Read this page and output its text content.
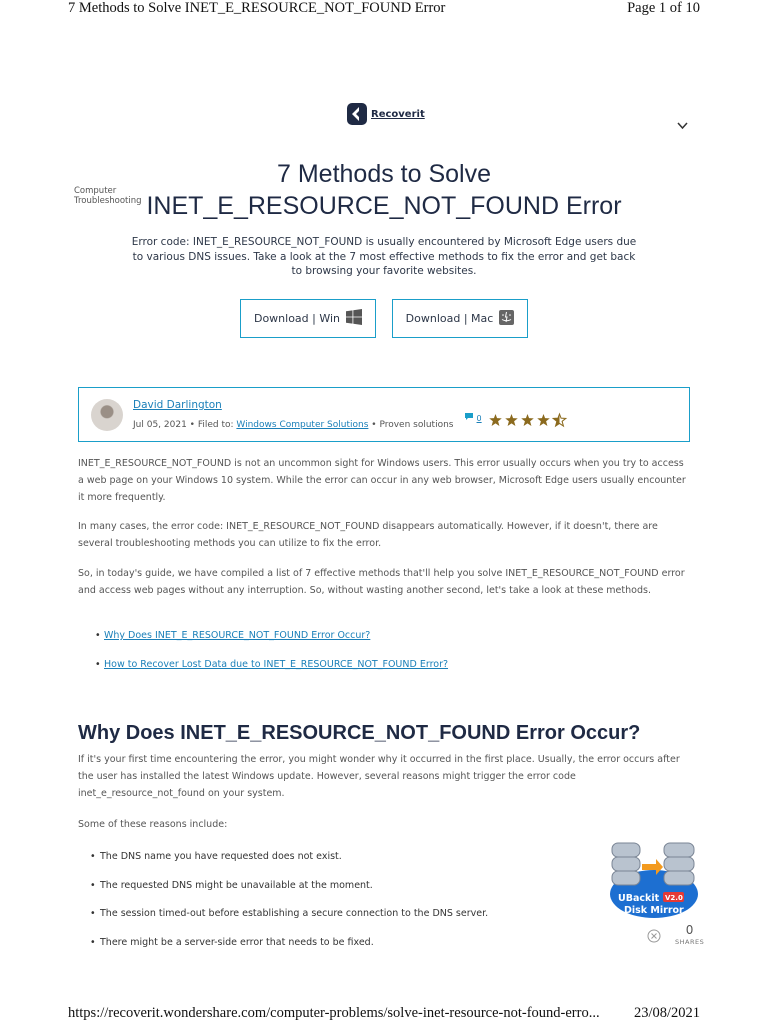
7 Methods to Solve INET_E_RESOURCE_NOT_FOUND Error	Page 1 of 10
Recoverit
Computer
Troubleshooting
7 Methods to Solve
INET_E_RESOURCE_NOT_FOUND Error
Error code: INET_E_RESOURCE_NOT_FOUND is usually encountered by Microsoft Edge users due to various DNS issues. Take a look at the 7 most effective methods to fix the error and get back to browsing your favorite websites.
Download | Win	Download | Mac
David Darlington
Jul 05, 2021 • Filed to: Windows Computer Solutions • Proven solutions
0

INET_E_RESOURCE_NOT_FOUND is not an uncommon sight for Windows users. This error usually occurs when you try to access a web page on your Windows 10 system. While the error can occur in any web browser, Microsoft Edge users usually encounter it more frequently.

In many cases, the error code: INET_E_RESOURCE_NOT_FOUND disappears automatically. However, if it doesn't, there are several troubleshooting methods you can utilize to fix the error.

So, in today's guide, we have compiled a list of 7 effective methods that'll help you solve INET_E_RESOURCE_NOT_FOUND error and access web pages without any interruption. So, without wasting another second, let's take a look at these methods.

• Why Does INET_E_RESOURCE_NOT_FOUND Error Occur?
• How to Recover Lost Data due to INET_E_RESOURCE_NOT_FOUND Error?
Why Does INET_E_RESOURCE_NOT_FOUND Error Occur?

If it's your first time encountering the error, you might wonder why it occurred in the first place. Usually, the error occurs after the user has installed the latest Windows update. However, several reasons might trigger the error code inet_e_resource_not_found on your system.

Some of these reasons include:

• The DNS name you have requested does not exist.
• The requested DNS might be unavailable at the moment.
• The session timed-out before establishing a secure connection to the DNS server.
• There might be a server-side error that needs to be fixed.
UBackit V2.0
Disk Mirror
0
SHARES
https://recoverit.wondershare.com/computer-problems/solve-inet-resource-not-found-erro... 23/08/2021
